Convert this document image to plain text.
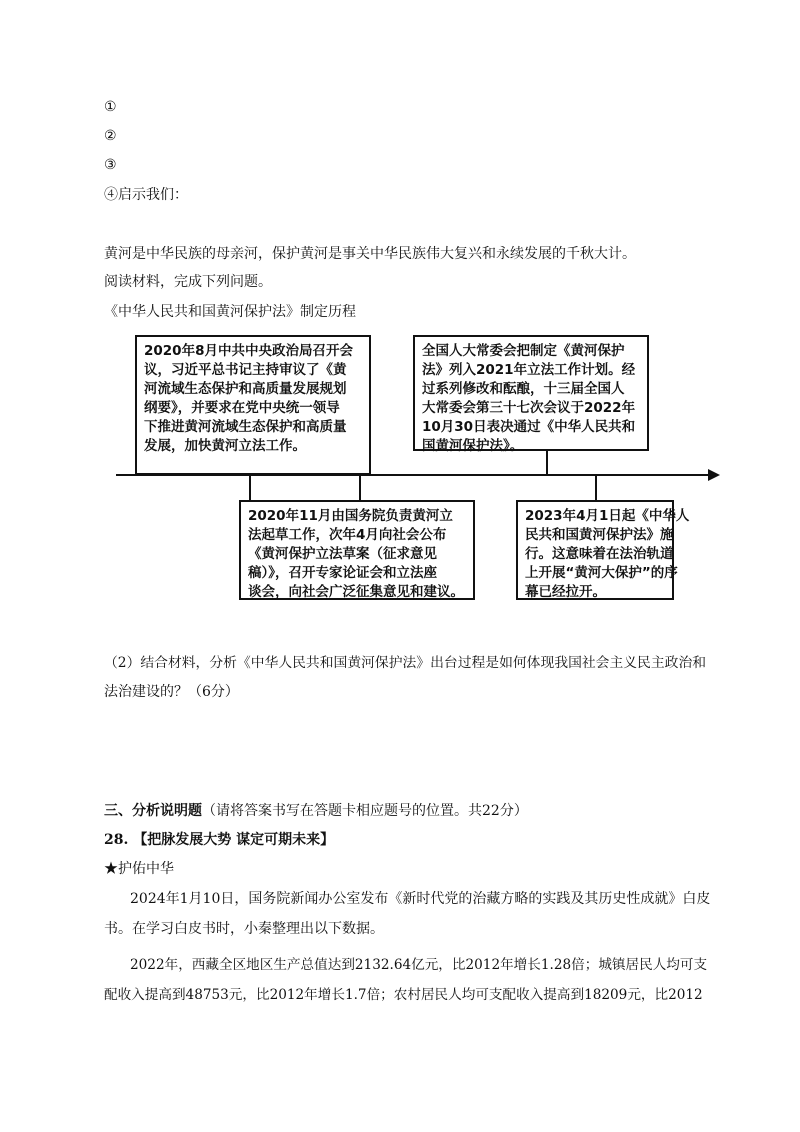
①
②
③
④启示我们：
黄河是中华民族的母亲河，保护黄河是事关中华民族伟大复兴和永续发展的千秋大计。
阅读材料，完成下列问题。
《中华人民共和国黄河保护法》制定历程
2020年8月中共中央政治局召开会
议，习近平总书记主持审议了《黄
河流域生态保护和高质量发展规划
纲要》，并要求在党中央统一领导
下推进黄河流域生态保护和高质量
发展，加快黄河立法工作。
全国人大常委会把制定《黄河保护
法》列入2021年立法工作计划。经
过系列修改和酝酿，十三届全国人
大常委会第三十七次会议于2022年
10月30日表决通过《中华人民共和
国黄河保护法》。
2020年11月由国务院负责黄河立
法起草工作，次年4月向社会公布
《黄河保护立法草案（征求意见
稿）》，召开专家论证会和立法座
谈会，向社会广泛征集意见和建议。
2023年4月1日起《中华人
民共和国黄河保护法》施
行。这意味着在法治轨道
上开展“黄河大保护”的序
幕已经拉开。
（2）结合材料，分析《中华人民共和国黄河保护法》出台过程是如何体现我国社会主义民主政治和
法治建设的？（6分）
三、分析说明题（请将答案书写在答题卡相应题号的位置。共22分）
28. 【把脉发展大势 谋定可期未来】
★护佑中华
2024年1月10日，国务院新闻办公室发布《新时代党的治藏方略的实践及其历史性成就》白皮
书。在学习白皮书时，小秦整理出以下数据。
2022年，西藏全区地区生产总值达到2132.64亿元，比2012年增长1.28倍；城镇居民人均可支
配收入提高到48753元，比2012年增长1.7倍；农村居民人均可支配收入提高到18209元，比2012
